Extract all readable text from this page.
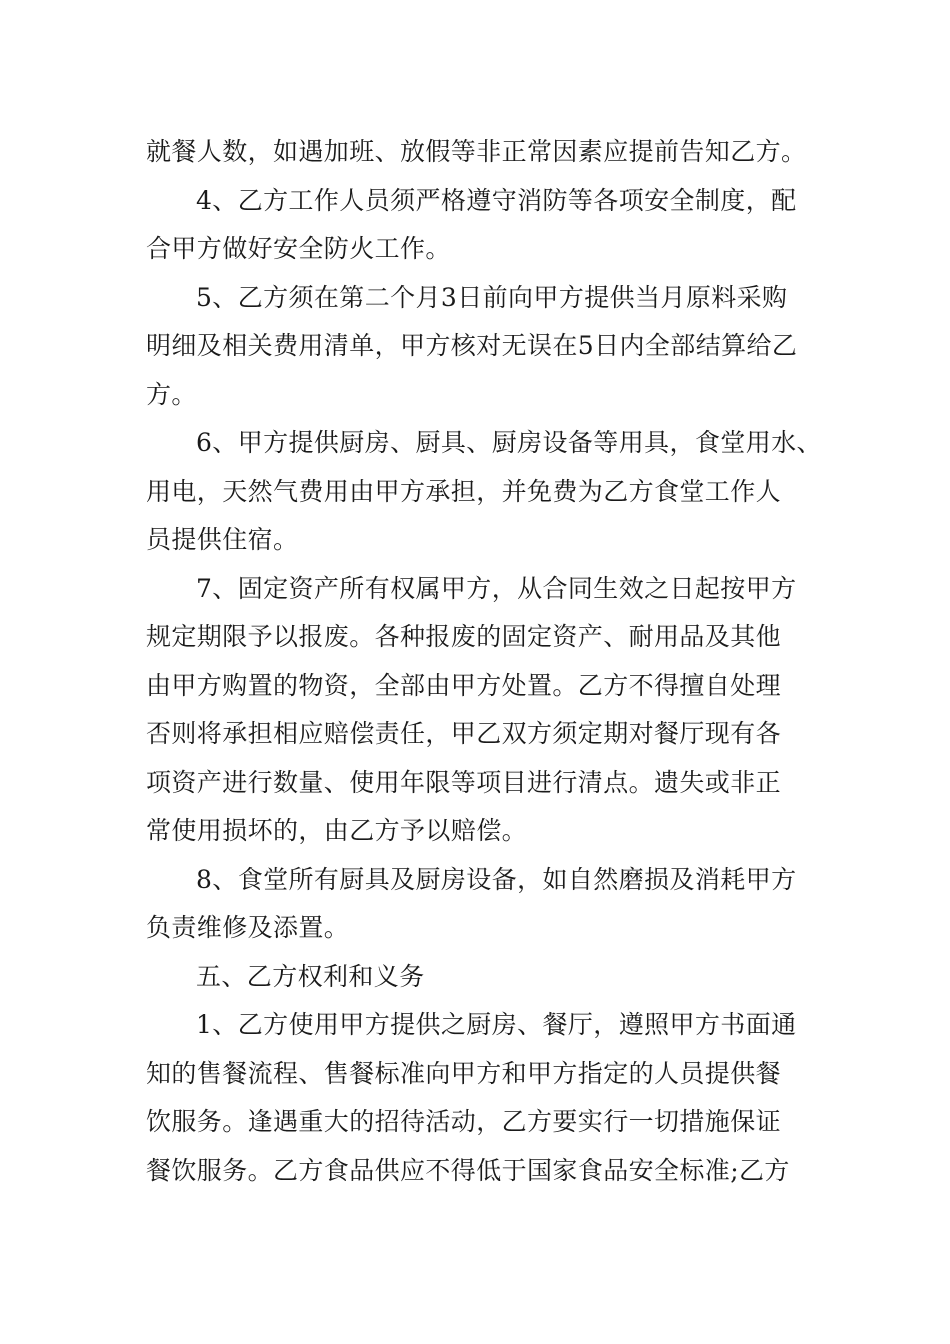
就餐人数，如遇加班、放假等非正常因素应提前告知乙方。
4、乙方工作人员须严格遵守消防等各项安全制度，配
合甲方做好安全防火工作。
5、乙方须在第二个月3日前向甲方提供当月原料采购
明细及相关费用清单，甲方核对无误在5日内全部结算给乙
方。
6、甲方提供厨房、厨具、厨房设备等用具，食堂用水、
用电，天然气费用由甲方承担，并免费为乙方食堂工作人
员提供住宿。
7、固定资产所有权属甲方，从合同生效之日起按甲方
规定期限予以报废。各种报废的固定资产、耐用品及其他
由甲方购置的物资，全部由甲方处置。乙方不得擅自处理
否则将承担相应赔偿责任，甲乙双方须定期对餐厅现有各
项资产进行数量、使用年限等项目进行清点。遗失或非正
常使用损坏的，由乙方予以赔偿。
8、食堂所有厨具及厨房设备，如自然磨损及消耗甲方
负责维修及添置。
五、乙方权利和义务
1、乙方使用甲方提供之厨房、餐厅，遵照甲方书面通
知的售餐流程、售餐标准向甲方和甲方指定的人员提供餐
饮服务。逢遇重大的招待活动，乙方要实行一切措施保证
餐饮服务。乙方食品供应不得低于国家食品安全标准;乙方
